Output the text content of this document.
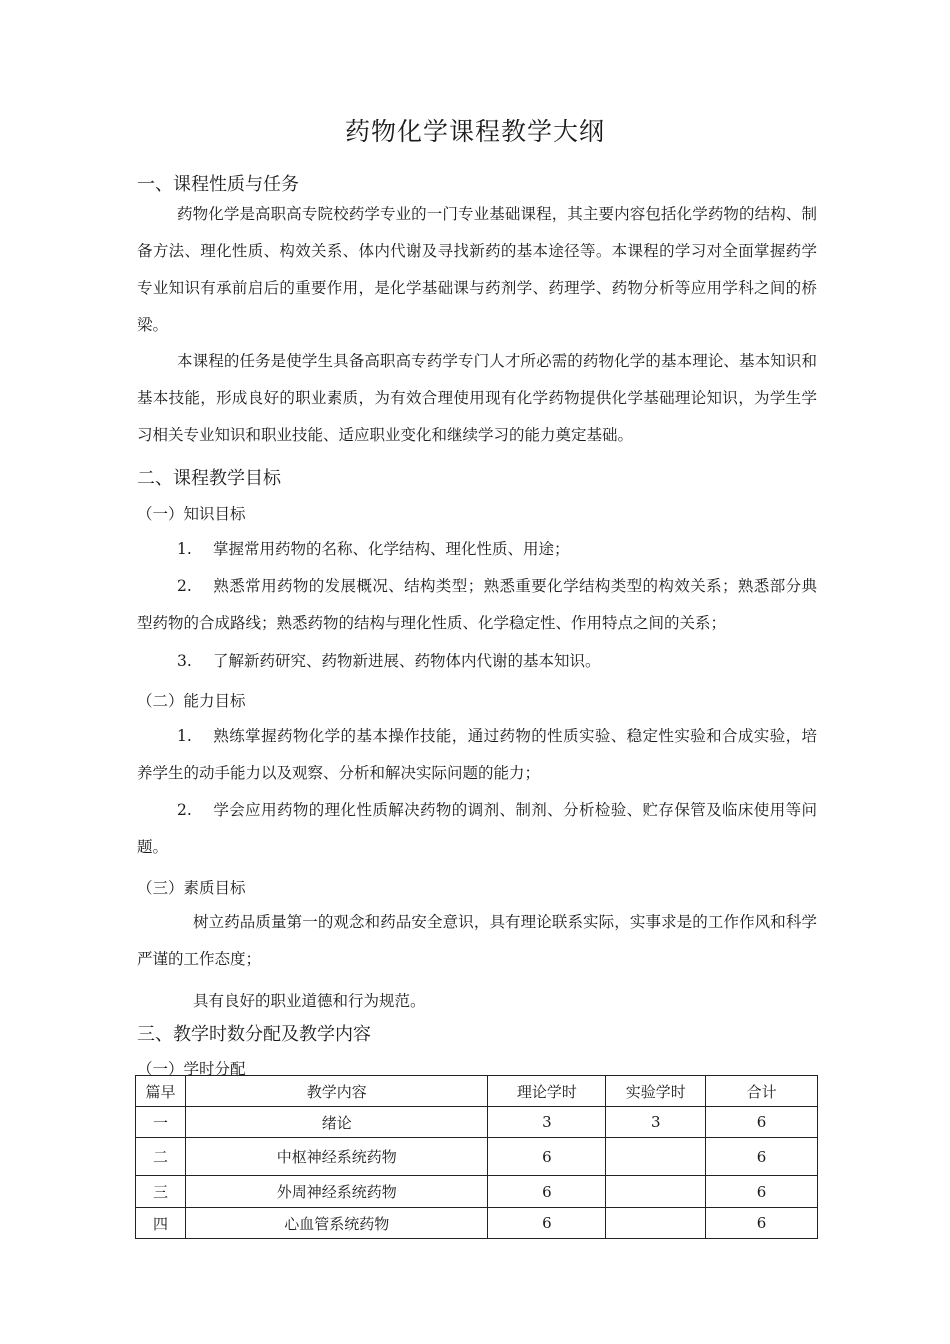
药物化学课程教学大纲
一、课程性质与任务
药物化学是高职高专院校药学专业的一门专业基础课程，其主要内容包括化学药物的结构、制备方法、理化性质、构效关系、体内代谢及寻找新药的基本途径等。本课程的学习对全面掌握药学专业知识有承前启后的重要作用，是化学基础课与药剂学、药理学、药物分析等应用学科之间的桥梁。
本课程的任务是使学生具备高职高专药学专门人才所必需的药物化学的基本理论、基本知识和基本技能，形成良好的职业素质，为有效合理使用现有化学药物提供化学基础理论知识，为学生学习相关专业知识和职业技能、适应职业变化和继续学习的能力奠定基础。
二、课程教学目标
（一）知识目标
1. 掌握常用药物的名称、化学结构、理化性质、用途；
2. 熟悉常用药物的发展概况、结构类型；熟悉重要化学结构类型的构效关系；熟悉部分典型药物的合成路线；熟悉药物的结构与理化性质、化学稳定性、作用特点之间的关系；
3. 了解新药研究、药物新进展、药物体内代谢的基本知识。
（二）能力目标
1. 熟练掌握药物化学的基本操作技能，通过药物的性质实验、稳定性实验和合成实验，培养学生的动手能力以及观察、分析和解决实际问题的能力；
2. 学会应用药物的理化性质解决药物的调剂、制剂、分析检验、贮存保管及临床使用等问题。
（三）素质目标
树立药品质量第一的观念和药品安全意识，具有理论联系实际，实事求是的工作作风和科学严谨的工作态度；
具有良好的职业道德和行为规范。
三、教学时数分配及教学内容
（一）学时分配
篇早	教学内容	理论学时	实验学时	合计
一	绪论	3	3	6
二	中枢神经系统药物	6		6
三	外周神经系统药物	6		6
四	心血管系统药物	6		6
